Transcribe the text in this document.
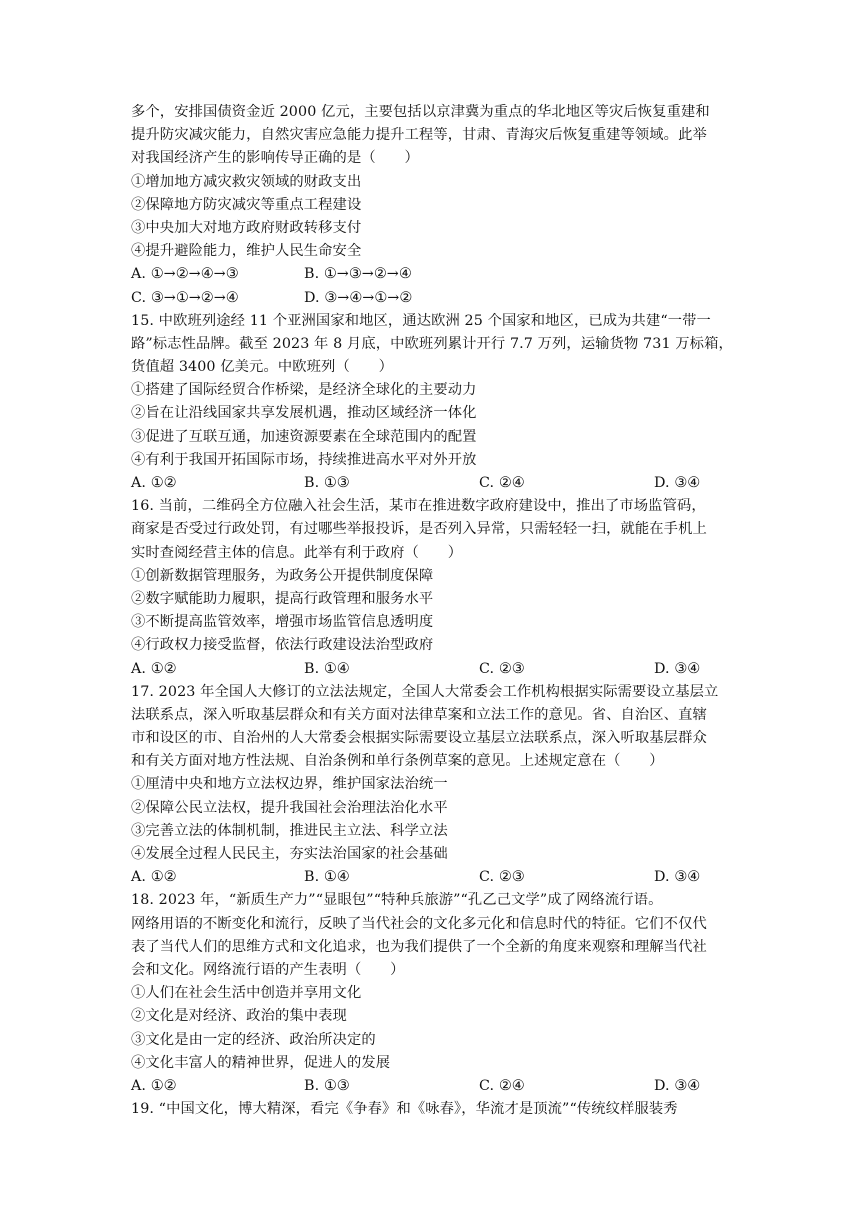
多个，安排国债资金近 2000 亿元，主要包括以京津冀为重点的华北地区等灾后恢复重建和
提升防灾减灾能力，自然灾害应急能力提升工程等，甘肃、青海灾后恢复重建等领域。此举
对我国经济产生的影响传导正确的是（　　）
①增加地方减灾救灾领域的财政支出
②保障地方防灾减灾等重点工程建设
③中央加大对地方政府财政转移支付
④提升避险能力，维护人民生命安全
A. ①→②→④→③	B. ①→③→②→④
C. ③→①→②→④	D. ③→④→①→②
15. 中欧班列途经 11 个亚洲国家和地区，通达欧洲 25 个国家和地区，已成为共建“一带一
路”标志性品牌。截至 2023 年 8 月底，中欧班列累计开行 7.7 万列，运输货物 731 万标箱，
货值超 3400 亿美元。中欧班列（　　）
①搭建了国际经贸合作桥梁，是经济全球化的主要动力
②旨在让沿线国家共享发展机遇，推动区域经济一体化
③促进了互联互通，加速资源要素在全球范围内的配置
④有利于我国开拓国际市场，持续推进高水平对外开放
A. ①②	B. ①③	C. ②④	D. ③④
16. 当前，二维码全方位融入社会生活，某市在推进数字政府建设中，推出了市场监管码，
商家是否受过行政处罚，有过哪些举报投诉，是否列入异常，只需轻轻一扫，就能在手机上
实时查阅经营主体的信息。此举有利于政府（　　）
①创新数据管理服务，为政务公开提供制度保障
②数字赋能助力履职，提高行政管理和服务水平
③不断提高监管效率，增强市场监管信息透明度
④行政权力接受监督，依法行政建设法治型政府
A. ①②	B. ①④	C. ②③	D. ③④
17. 2023 年全国人大修订的立法法规定，全国人大常委会工作机构根据实际需要设立基层立
法联系点，深入听取基层群众和有关方面对法律草案和立法工作的意见。省、自治区、直辖
市和设区的市、自治州的人大常委会根据实际需要设立基层立法联系点，深入听取基层群众
和有关方面对地方性法规、自治条例和单行条例草案的意见。上述规定意在（　　）
①厘清中央和地方立法权边界，维护国家法治统一
②保障公民立法权，提升我国社会治理法治化水平
③完善立法的体制机制，推进民主立法、科学立法
④发展全过程人民民主，夯实法治国家的社会基础
A. ①②	B. ①④	C. ②③	D. ③④
18. 2023 年，“新质生产力”“显眼包”“特种兵旅游”“孔乙己文学”成了网络流行语。
网络用语的不断变化和流行，反映了当代社会的文化多元化和信息时代的特征。它们不仅代
表了当代人们的思维方式和文化追求，也为我们提供了一个全新的角度来观察和理解当代社
会和文化。网络流行语的产生表明（　　）
①人们在社会生活中创造并享用文化
②文化是对经济、政治的集中表现
③文化是由一定的经济、政治所决定的
④文化丰富人的精神世界，促进人的发展
A. ①②	B. ①③	C. ②④	D. ③④
19. “中国文化，博大精深，看完《争春》和《咏春》，华流才是顶流”“传统纹样服装秀
